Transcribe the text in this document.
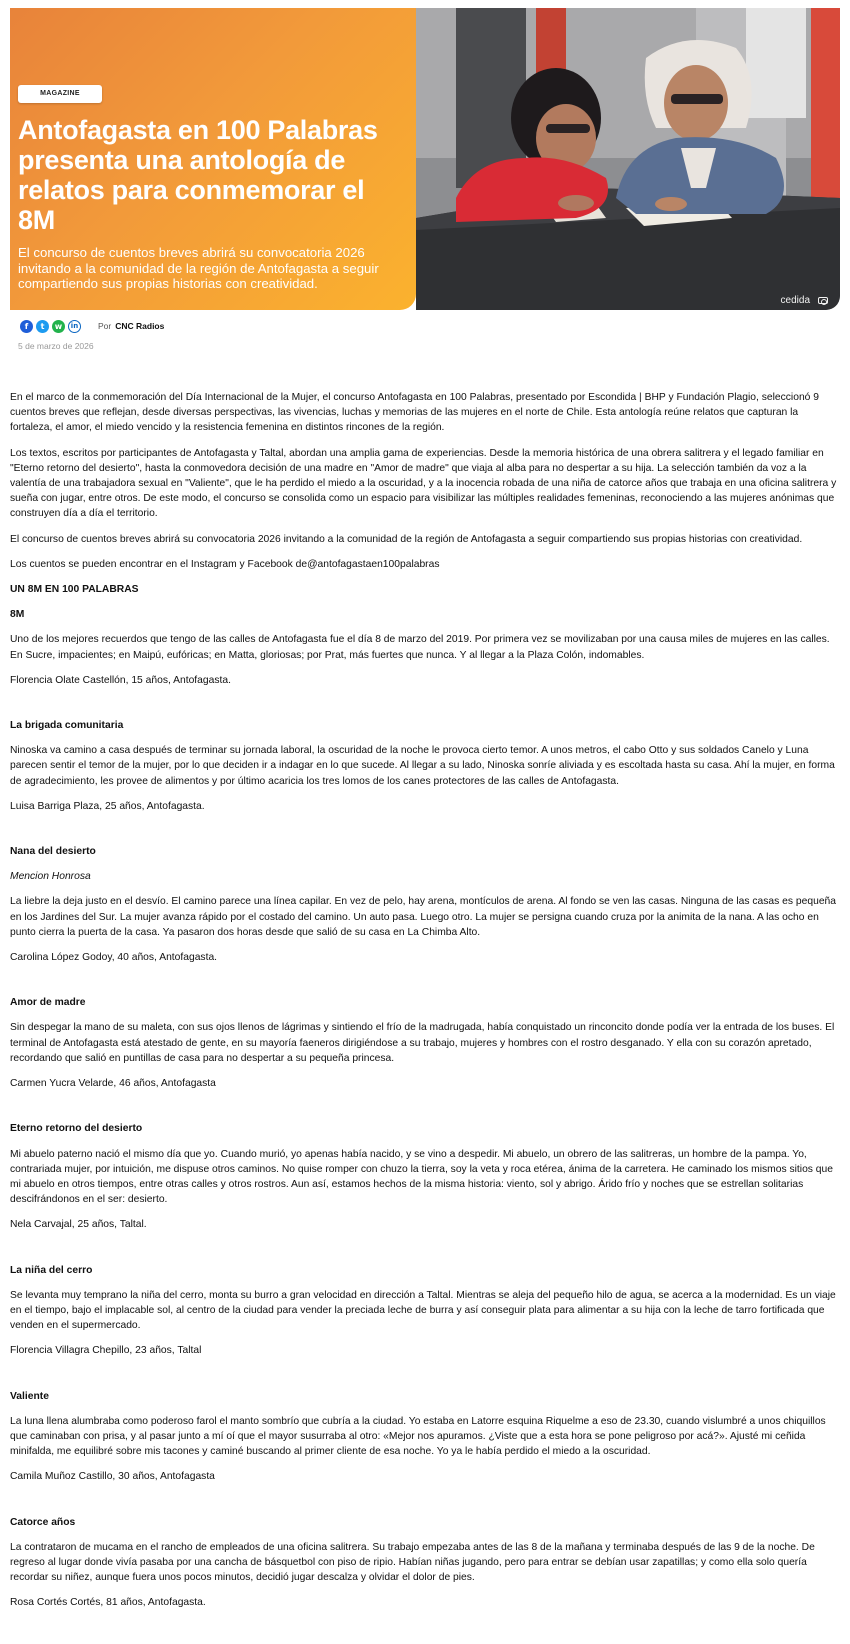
MAGAZINE
Antofagasta en 100 Palabras presenta una antología de relatos para conmemorar el 8M

El concurso de cuentos breves abrirá su convocatoria 2026 invitando a la comunidad de la región de Antofagasta a seguir compartiendo sus propias historias con creatividad.

cedida
f	t	w	in	Por CNC Radios
5 de marzo de 2026

En el marco de la conmemoración del Día Internacional de la Mujer, el concurso Antofagasta en 100 Palabras, presentado por Escondida | BHP y Fundación Plagio, seleccionó 9 cuentos breves que reflejan, desde diversas perspectivas, las vivencias, luchas y memorias de las mujeres en el norte de Chile. Esta antología reúne relatos que capturan la fortaleza, el amor, el miedo vencido y la resistencia femenina en distintos rincones de la región.

Los textos, escritos por participantes de Antofagasta y Taltal, abordan una amplia gama de experiencias. Desde la memoria histórica de una obrera salitrera y el legado familiar en "Eterno retorno del desierto", hasta la conmovedora decisión de una madre en "Amor de madre" que viaja al alba para no despertar a su hija. La selección también da voz a la valentía de una trabajadora sexual en "Valiente", que le ha perdido el miedo a la oscuridad, y a la inocencia robada de una niña de catorce años que trabaja en una oficina salitrera y sueña con jugar, entre otros. De este modo, el concurso se consolida como un espacio para visibilizar las múltiples realidades femeninas, reconociendo a las mujeres anónimas que construyen día a día el territorio.

El concurso de cuentos breves abrirá su convocatoria 2026 invitando a la comunidad de la región de Antofagasta a seguir compartiendo sus propias historias con creatividad.

Los cuentos se pueden encontrar en el Instagram y Facebook de@antofagastaen100palabras

UN 8M EN 100 PALABRAS

8M

Uno de los mejores recuerdos que tengo de las calles de Antofagasta fue el día 8 de marzo del 2019. Por primera vez se movilizaban por una causa miles de mujeres en las calles. En Sucre, impacientes; en Maipú, eufóricas; en Matta, gloriosas; por Prat, más fuertes que nunca. Y al llegar a la Plaza Colón, indomables.

Florencia Olate Castellón, 15 años, Antofagasta.

La brigada comunitaria

Ninoska va camino a casa después de terminar su jornada laboral, la oscuridad de la noche le provoca cierto temor. A unos metros, el cabo Otto y sus soldados Canelo y Luna parecen sentir el temor de la mujer, por lo que deciden ir a indagar en lo que sucede. Al llegar a su lado, Ninoska sonríe aliviada y es escoltada hasta su casa. Ahí la mujer, en forma de agradecimiento, les provee de alimentos y por último acaricia los tres lomos de los canes protectores de las calles de Antofagasta.

Luisa Barriga Plaza, 25 años, Antofagasta.

Nana del desierto

Mencion Honrosa

La liebre la deja justo en el desvío. El camino parece una línea capilar. En vez de pelo, hay arena, montículos de arena. Al fondo se ven las casas. Ninguna de las casas es pequeña en los Jardines del Sur. La mujer avanza rápido por el costado del camino. Un auto pasa. Luego otro. La mujer se persigna cuando cruza por la animita de la nana. A las ocho en punto cierra la puerta de la casa. Ya pasaron dos horas desde que salió de su casa en La Chimba Alto.

Carolina López Godoy, 40 años, Antofagasta.

Amor de madre

Sin despegar la mano de su maleta, con sus ojos llenos de lágrimas y sintiendo el frío de la madrugada, había conquistado un rinconcito donde podía ver la entrada de los buses. El terminal de Antofagasta está atestado de gente, en su mayoría faeneros dirigiéndose a su trabajo, mujeres y hombres con el rostro desganado. Y ella con su corazón apretado, recordando que salió en puntillas de casa para no despertar a su pequeña princesa.

Carmen Yucra Velarde, 46 años, Antofagasta

Eterno retorno del desierto

Mi abuelo paterno nació el mismo día que yo. Cuando murió, yo apenas había nacido, y se vino a despedir. Mi abuelo, un obrero de las salitreras, un hombre de la pampa. Yo, contrariada mujer, por intuición, me dispuse otros caminos. No quise romper con chuzo la tierra, soy la veta y roca etérea, ánima de la carretera. He caminado los mismos sitios que mi abuelo en otros tiempos, entre otras calles y otros rostros. Aun así, estamos hechos de la misma historia: viento, sol y abrigo. Árido frío y noches que se estrellan solitarias descifrándonos en el ser: desierto.

Nela Carvajal, 25 años, Taltal.

La niña del cerro

Se levanta muy temprano la niña del cerro, monta su burro a gran velocidad en dirección a Taltal. Mientras se aleja del pequeño hilo de agua, se acerca a la modernidad. Es un viaje en el tiempo, bajo el implacable sol, al centro de la ciudad para vender la preciada leche de burra y así conseguir plata para alimentar a su hija con la leche de tarro fortificada que venden en el supermercado.

Florencia Villagra Chepillo, 23 años, Taltal

Valiente

La luna llena alumbraba como poderoso farol el manto sombrío que cubría a la ciudad. Yo estaba en Latorre esquina Riquelme a eso de 23.30, cuando vislumbré a unos chiquillos que caminaban con prisa, y al pasar junto a mí oí que el mayor susurraba al otro: «Mejor nos apuramos. ¿Viste que a esta hora se pone peligroso por acá?». Ajusté mi ceñida minifalda, me equilibré sobre mis tacones y caminé buscando al primer cliente de esa noche. Yo ya le había perdido el miedo a la oscuridad.

Camila Muñoz Castillo, 30 años, Antofagasta

Catorce años

La contrataron de mucama en el rancho de empleados de una oficina salitrera. Su trabajo empezaba antes de las 8 de la mañana y terminaba después de las 9 de la noche. De regreso al lugar donde vivía pasaba por una cancha de básquetbol con piso de ripio. Habían niñas jugando, pero para entrar se debían usar zapatillas; y como ella solo quería recordar su niñez, aunque fuera unos pocos minutos, decidió jugar descalza y olvidar el dolor de pies.

Rosa Cortés Cortés, 81 años, Antofagasta.
